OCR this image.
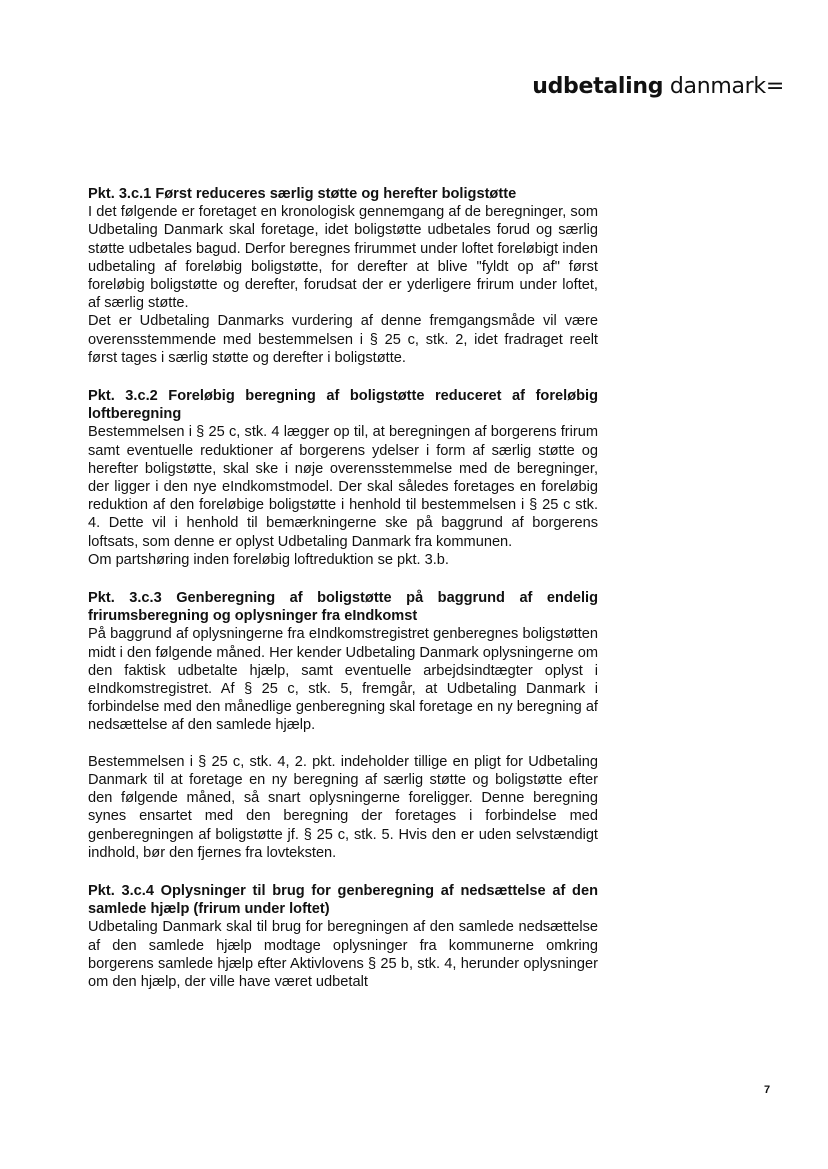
udbetaling danmark=
Pkt. 3.c.1 Først reduceres særlig støtte og herefter boligstøtte

I det følgende er foretaget en kronologisk gennemgang af de beregninger, som Udbetaling Danmark skal foretage, idet boligstøtte udbetales forud og særlig støtte udbetales bagud. Derfor beregnes frirummet under loftet foreløbigt inden udbetaling af foreløbig boligstøtte, for derefter at blive "fyldt op af" først foreløbig boligstøtte og derefter, forudsat der er yderligere frirum under loftet, af særlig støtte.

Det er Udbetaling Danmarks vurdering af denne fremgangsmåde vil være overensstemmende med bestemmelsen i § 25 c, stk. 2, idet fradraget reelt først tages i særlig støtte og derefter i boligstøtte.

Pkt. 3.c.2 Foreløbig beregning af boligstøtte reduceret af foreløbig loftberegning

Bestemmelsen i § 25 c, stk. 4 lægger op til, at beregningen af borgerens frirum samt eventuelle reduktioner af borgerens ydelser i form af særlig støtte og herefter boligstøtte, skal ske i nøje overensstemmelse med de beregninger, der ligger i den nye eIndkomstmodel. Der skal således foretages en foreløbig reduktion af den foreløbige boligstøtte i henhold til bestemmelsen i § 25 c stk. 4. Dette vil i henhold til bemærkningerne ske på baggrund af borgerens loftsats, som denne er oplyst Udbetaling Danmark fra kommunen.

Om partshøring inden foreløbig loftreduktion se pkt. 3.b.

Pkt. 3.c.3 Genberegning af boligstøtte på baggrund af endelig frirumsberegning og oplysninger fra eIndkomst

På baggrund af oplysningerne fra eIndkomstregistret genberegnes boligstøtten midt i den følgende måned. Her kender Udbetaling Danmark oplysningerne om den faktisk udbetalte hjælp, samt eventuelle arbejdsindtægter oplyst i eIndkomstregistret. Af § 25 c, stk. 5, fremgår, at Udbetaling Danmark i forbindelse med den månedlige genberegning skal foretage en ny beregning af nedsættelse af den samlede hjælp.

Bestemmelsen i § 25 c, stk. 4, 2. pkt. indeholder tillige en pligt for Udbetaling Danmark til at foretage en ny beregning af særlig støtte og boligstøtte efter den følgende måned, så snart oplysningerne foreligger. Denne beregning synes ensartet med den beregning der foretages i forbindelse med genberegningen af boligstøtte jf. § 25 c, stk. 5. Hvis den er uden selvstændigt indhold, bør den fjernes fra lovteksten.

Pkt. 3.c.4 Oplysninger til brug for genberegning af nedsættelse af den samlede hjælp (frirum under loftet)

Udbetaling Danmark skal til brug for beregningen af den samlede nedsættelse af den samlede hjælp modtage oplysninger fra kommunerne omkring borgerens samlede hjælp efter Aktivlovens § 25 b, stk. 4, herunder oplysninger om den hjælp, der ville have været udbetalt

7
